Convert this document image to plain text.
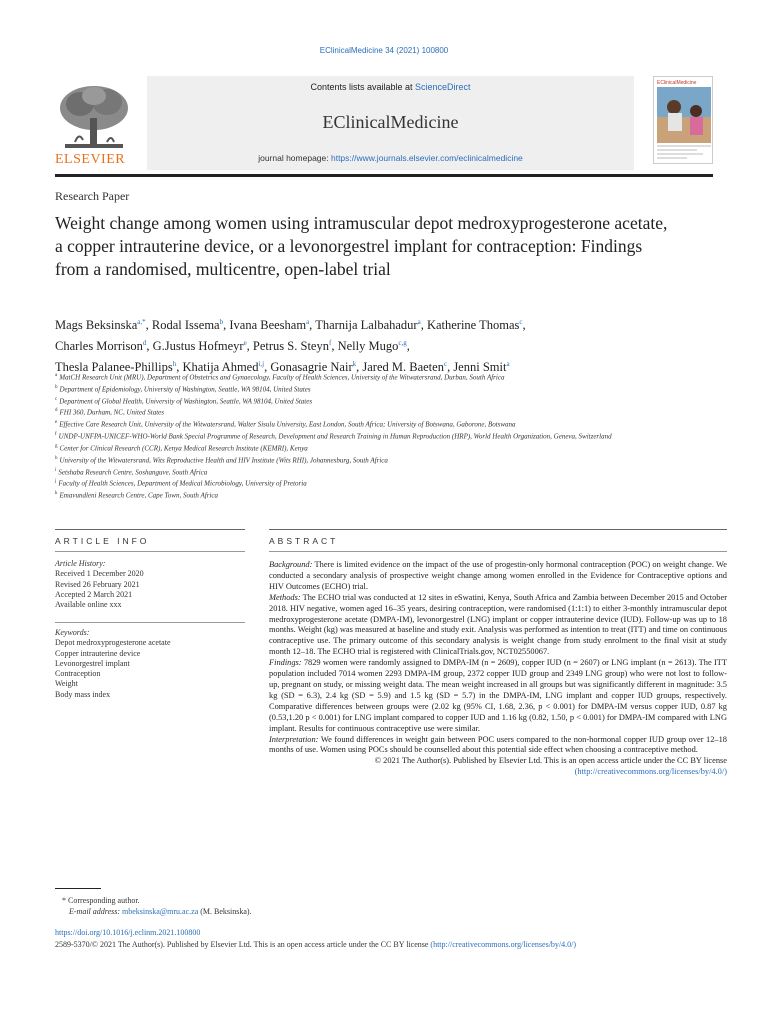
EClinicalMedicine 34 (2021) 100800
ELSEVIER
Contents lists available at ScienceDirect
EClinicalMedicine
journal homepage: https://www.journals.elsevier.com/eclinicalmedicine
EClinicalMedicine
Research Paper
Weight change among women using intramuscular depot medroxyprogesterone acetate, a copper intrauterine device, or a levonorgestrel implant for contraception: Findings from a randomised, multicentre, open-label trial
Mags Beksinska$^{a,*}$, Rodal Issema$^b$, Ivana Beesham$^a$, Tharnija Lalbahadur$^a$, Katherine Thomas$^c$,
Charles Morrison$^d$, G.Justus Hofmeyr$^e$, Petrus S. Steyn$^f$, Nelly Mugo$^{c,g}$,
Thesla Palanee-Phillips$^h$, Khatija Ahmed$^{i,j}$, Gonasagrie Nair$^k$, Jared M. Baeten$^c$, Jenni Smit$^a$
$^a$ MatCH Research Unit (MRU), Department of Obstetrics and Gynaecology, Faculty of Health Sciences, University of the Witwatersrand, Durban, South Africa
$^b$ Department of Epidemiology, University of Washington, Seattle, WA 98104, United States
$^c$ Department of Global Health, University of Washington, Seattle, WA 98104, United States
$^d$ FHI 360, Durham, NC, United States
$^e$ Effective Care Research Unit, University of the Witwatersrand, Walter Sisulu University, East London, South Africa; University of Botswana, Gaborone, Botswana
$^f$ UNDP-UNFPA-UNICEF-WHO-World Bank Special Programme of Research, Development and Research Training in Human Reproduction (HRP), World Health Organization, Geneva, Switzerland
$^g$ Center for Clinical Research (CCR), Kenya Medical Research Institute (KEMRI), Kenya
$^h$ University of the Witwatersrand, Wits Reproductive Health and HIV Institute (Wits RHI), Johannesburg, South Africa
$^i$ Setshaba Research Centre, Soshanguve, South Africa
$^j$ Faculty of Health Sciences, Department of Medical Microbiology, University of Pretoria
$^k$ Emavundleni Research Centre, Cape Town, South Africa
ARTICLE INFO	ABSTRACT
Article History:
Received 1 December 2020
Revised 26 February 2021
Accepted 2 March 2021
Available online xxx
Keywords:
Depot medroxyprogesterone acetate
Copper intrauterine device
Levonorgestrel implant
Contraception
Weight
Body mass index

Background: There is limited evidence on the impact of the use of progestin-only hormonal contraception (POC) on weight change. We conducted a secondary analysis of prospective weight change among women enrolled in the Evidence for Contraceptive options and HIV Outcomes (ECHO) trial.

Methods: The ECHO trial was conducted at 12 sites in eSwatini, Kenya, South Africa and Zambia between December 2015 and October 2018. HIV negative, women aged 16–35 years, desiring contraception, were randomised (1:1:1) to either 3-monthly intramuscular depot medroxyprogesterone acetate (DMPA-IM), levonorgestrel (LNG) implant or copper intrauterine device (IUD). Follow-up was up to 18 months. Weight (kg) was measured at baseline and study exit. Analysis was performed as intention to treat (ITT) and time on continuous contraceptive use. The primary outcome of this secondary analysis is weight change from study enrolment to the final visit at study month 12–18. The ECHO trial is registered with ClinicalTrials.gov, NCT02550067.

Findings: 7829 women were randomly assigned to DMPA-IM (n = 2609), copper IUD (n = 2607) or LNG implant (n = 2613). The ITT population included 7014 women 2293 DMPA-IM group, 2372 copper IUD group and 2349 LNG group) who were not lost to follow-up, pregnant on study, or missing weight data. The mean weight increased in all groups but was significantly different in magnitude: 3.5 kg (SD = 6.3), 2.4 kg (SD = 5.9) and 1.5 kg (SD = 5.7) in the DMPA-IM, LNG implant and copper IUD groups, respectively. Comparative differences between groups were (2.02 kg (95% CI, 1.68, 2.36, p < 0.001) for DMPA-IM versus copper IUD, 0.87 kg (0.53,1.20 p < 0.001) for LNG implant compared to copper IUD and 1.16 kg (0.82, 1.50, p < 0.001) for DMPA-IM compared with LNG implant. Results for continuous contraceptive use were similar.

Interpretation: We found differences in weight gain between POC users compared to the non-hormonal copper IUD group over 12–18 months of use. Women using POCs should be counselled about this potential side effect when choosing a contraceptive method.

© 2021 The Author(s). Published by Elsevier Ltd. This is an open access article under the CC BY license
(http://creativecommons.org/licenses/by/4.0/)

* Corresponding author.
E-mail address: mbeksinska@mru.ac.za (M. Beksinska).
https://doi.org/10.1016/j.eclinm.2021.100800
2589-5370/© 2021 The Author(s). Published by Elsevier Ltd. This is an open access article under the CC BY license (http://creativecommons.org/licenses/by/4.0/)
